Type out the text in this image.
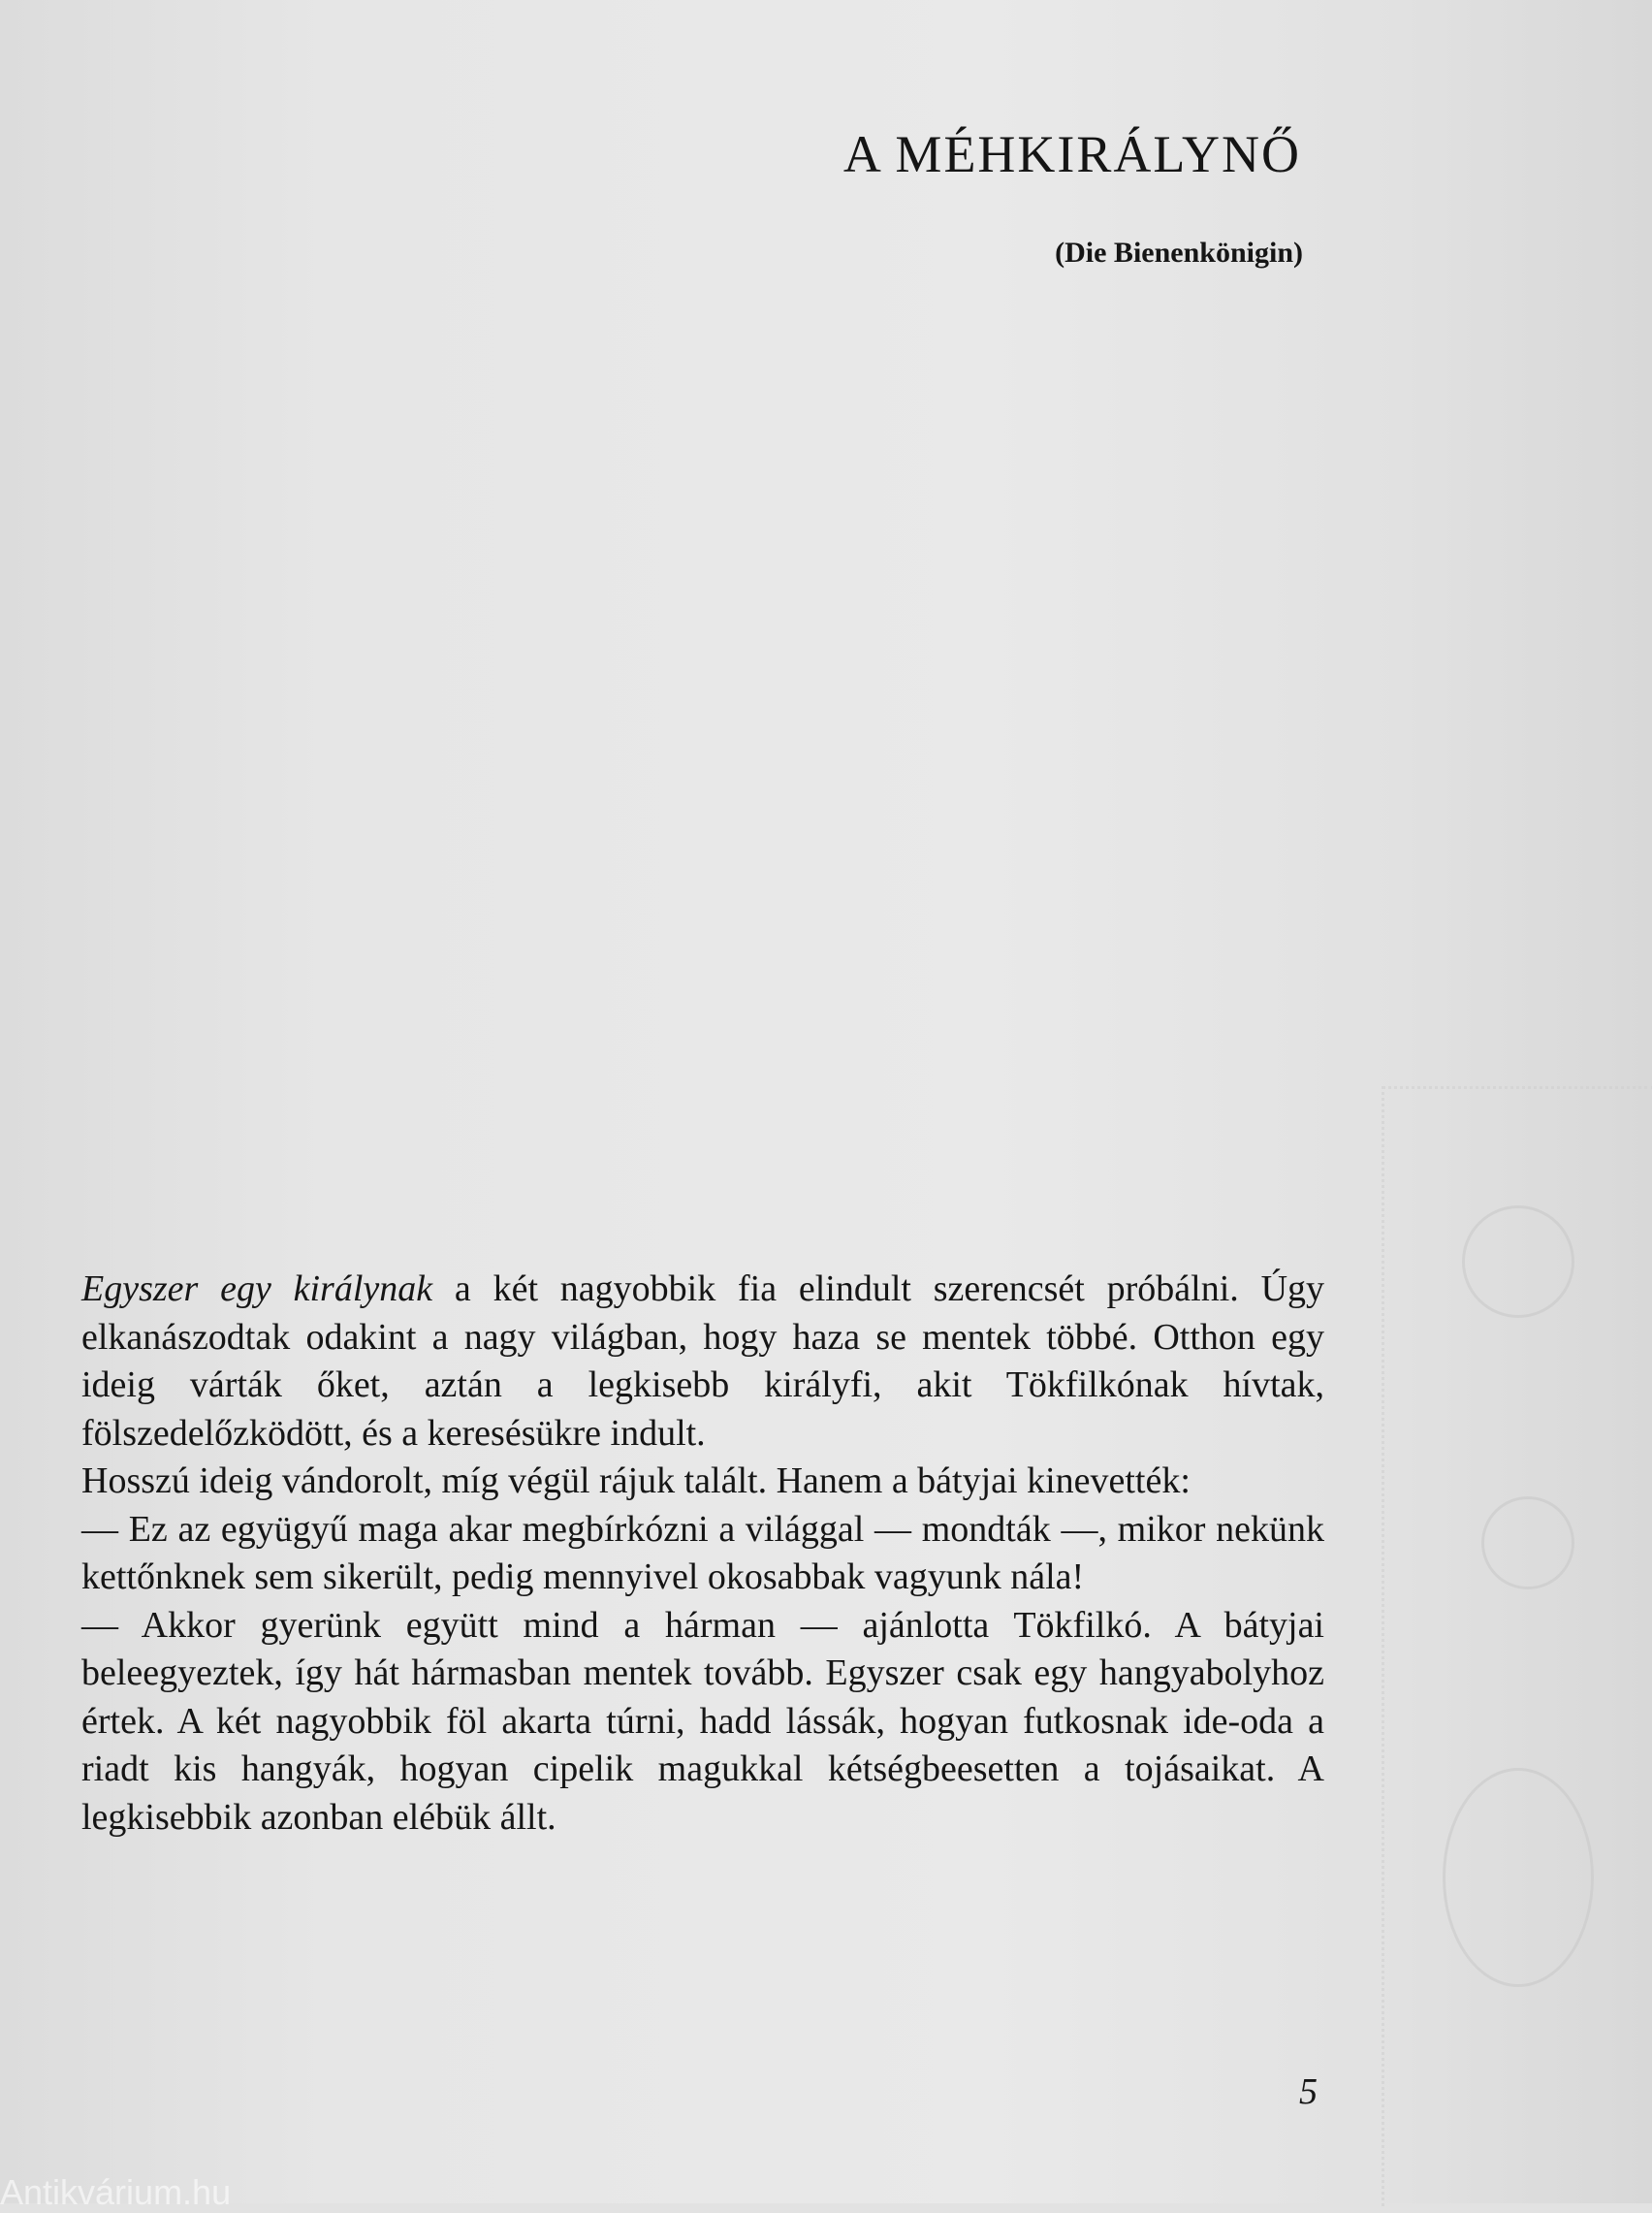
A MÉHKIRÁLYNŐ
(Die Bienenkönigin)

Egyszer egy királynak a két nagyobbik fia elindult szerencsét próbálni. Úgy elkanászodtak odakint a nagy világban, hogy haza se mentek többé. Otthon egy ideig várták őket, aztán a legkisebb királyfi, akit Tökfilkónak hívtak, fölszedelőzködött, és a keresésükre indult.

Hosszú ideig vándorolt, míg végül rájuk talált. Hanem a bátyjai kinevették:

— Ez az együgyű maga akar megbírkózni a világgal — mondták —, mikor nekünk kettőnknek sem sikerült, pedig mennyivel okosabbak vagyunk nála!

— Akkor gyerünk együtt mind a hárman — ajánlotta Tökfilkó. A bátyjai beleegyeztek, így hát hármasban mentek tovább. Egyszer csak egy hangyabolyhoz értek. A két nagyobbik föl akarta túrni, hadd lássák, hogyan futkosnak ide-oda a riadt kis hangyák, hogyan cipelik magukkal kétségbeesetten a tojásaikat. A legkisebbik azonban elébük állt.

5
Antikvárium.hu
